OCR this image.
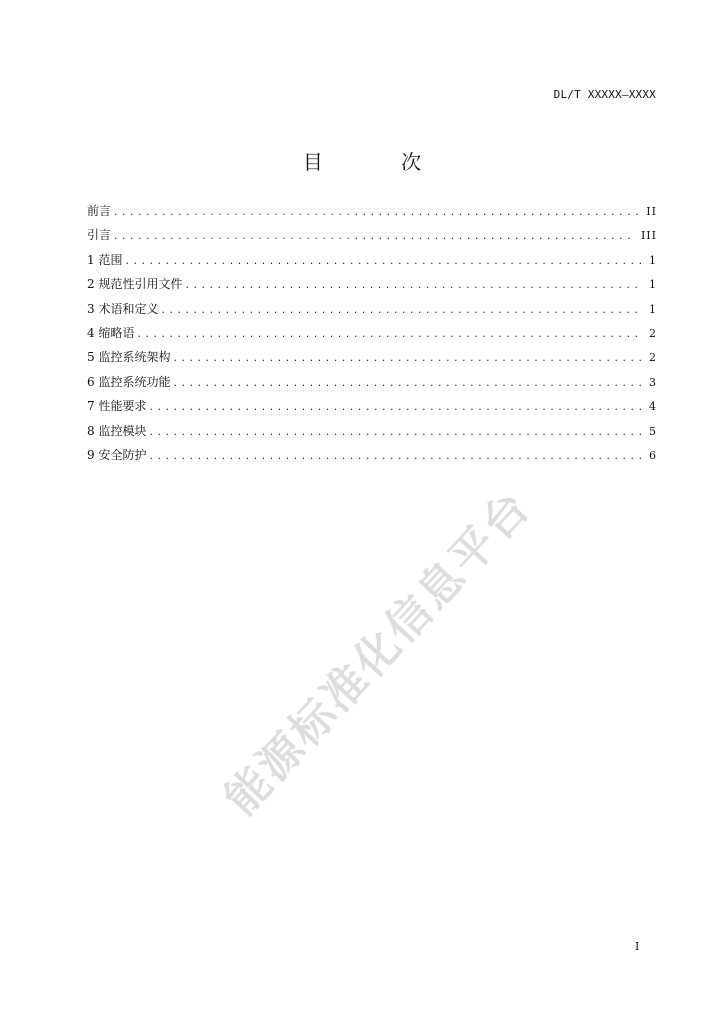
DL/T XXXXX—XXXX
目 次
前言 .....	II
引言 .....	III
1 范围 .....	1
2 规范性引用文件 .....	1
3 术语和定义 .....	1
4 缩略语 .....	2
5 监控系统架构 .....	2
6 监控系统功能 .....	3
7 性能要求 .....	4
8 监控模块 .....	5
9 安全防护 .....	6
能源标准化信息平台
I
